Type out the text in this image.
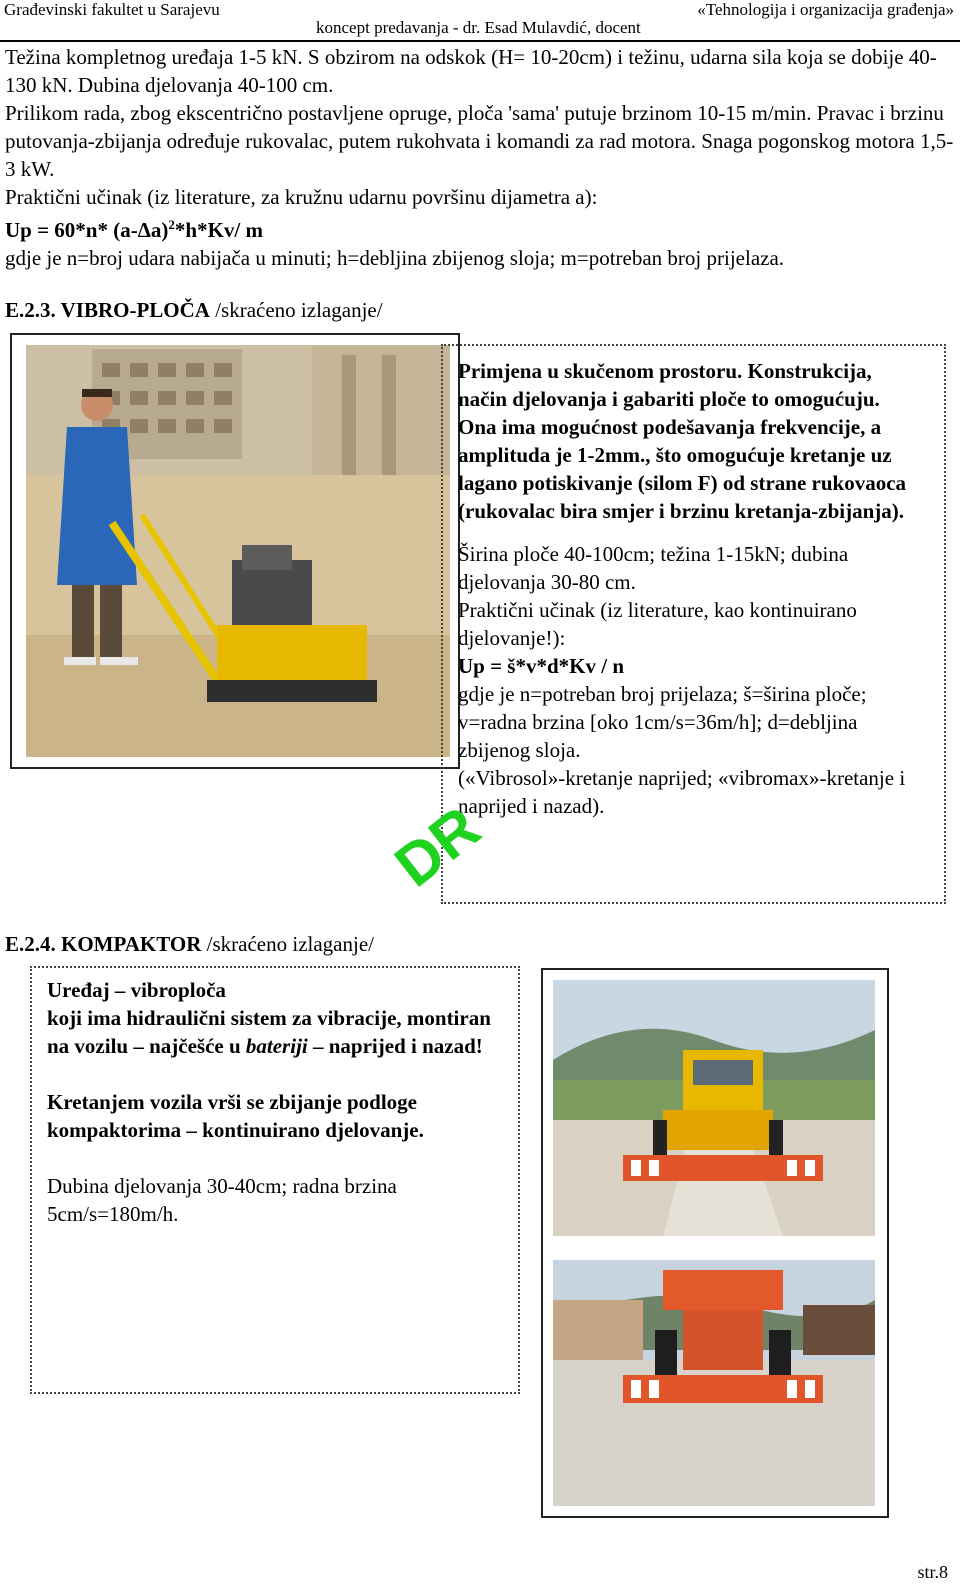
Građevinski fakultet u Sarajevu
koncept predavanja - dr. Esad Mulavdić, docent
«Tehnologija i organizacija građenja»

Težina kompletnog uređaja 1-5 kN. S obzirom na odskok (H= 10-20cm) i težinu, udarna sila koja se dobije 40-130 kN. Dubina djelovanja 40-100 cm.

Prilikom rada, zbog ekscentrično postavljene opruge, ploča 'sama' putuje brzinom 10-15 m/min. Pravac i brzinu putovanja-zbijanja određuje rukovalac, putem rukohvata i komandi za rad motora. Snaga pogonskog motora 1,5-3 kW.

Praktični učinak (iz literature, za kružnu udarnu površinu dijametra a):

Up = 60*n* $(a-\Delta a)^2*h*Kv/$ m

gdje je n=broj udara nabijača u minuti; h=debljina zbijenog sloja; m=potreban broj prijelaza.

E.2.3. VIBRO-PLOČA /skraćeno izlaganje/

Primjena u skučenom prostoru. Konstrukcija, način djelovanja i gabariti ploče to omogućuju. Ona ima mogućnost podešavanja frekvencije, a amplituda je 1-2mm., što omogućuje kretanje uz lagano potiskivanje (silom F) od strane rukovaoca (rukovalac bira smjer i brzinu kretanja-zbijanja).

Širina ploče 40-100cm; težina 1-15kN; dubina djelovanja 30-80 cm.

Praktični učinak (iz literature, kao kontinuirano djelovanje!):

Up = š*v*d*Kv / n

gdje je n=potreban broj prijelaza; š=širina ploče; v=radna brzina [oko 1cm/s=36m/h]; d=debljina zbijenog sloja.

(«Vibrosol»-kretanje naprijed; «vibromax»-kretanje i naprijed i nazad).

DR
E.2.4. KOMPAKTOR /skraćeno izlaganje/

Uređaj – vibroploča
koji ima hidraulični sistem za vibracije, montiran na vozilu – najčešće u bateriji – naprijed i nazad!

Kretanjem vozila vrši se zbijanje podloge kompaktorima – kontinuirano djelovanje.

Dubina djelovanja 30-40cm; radna brzina 5cm/s=180m/h.

str.8
